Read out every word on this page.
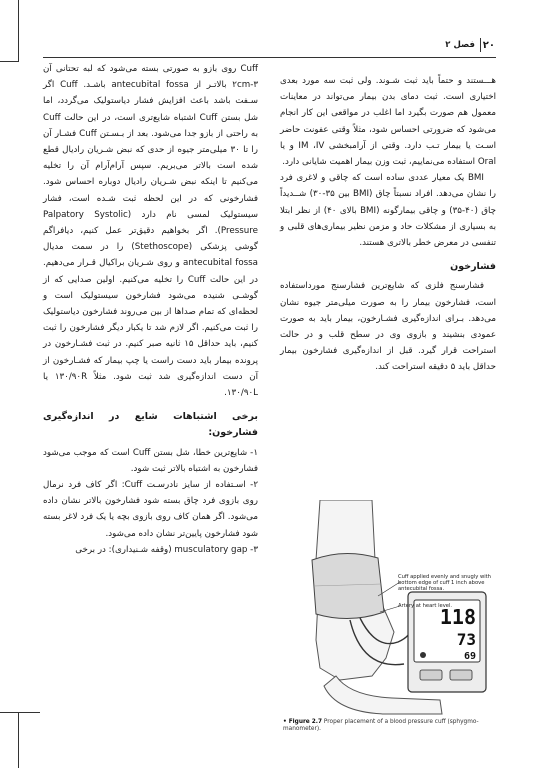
۲۰
فصل ۲

هـــستند و حتماً باید ثبت شـوند. ولی ثبت سه مورد بعدی اختیاری است. ثبت دمای بدن بیمار می‌تواند در معاینات معمول هم صورت بگیرد اما اغلب در مواقعی این کار انجام می‌شود که ضرورتی احساس شود، مثلاً وقتی عفونت حاضر اسـت یا بیمار تـب دارد. وقتی از آرامبخشی IM ،IV و یا Oral استفاده می‌نماییم، ثبت وزن بیمار اهمیت شایانی دارد.

BMI یک معیار عددی ساده است که چاقی و لاغری فرد را نشان می‌دهد. افراد نسبتاً چاق (BMI بین ۳۵-۳۰) شــدیداً چاق (۴۰-۳۵) و چاقی بیمارگونه (BMI بالای ۴۰) از نظر ابتلا به بسیاری از مشکلات حاد و مزمن نظیر بیماری‌های قلبی و تنفسی در معرض خطر بالاتری هستند.

فشارخون

فشارسنج فلزی که شایع‌ترین فشارسنج مورداستفاده است، فشارخون بیمار را به صورت میلی‌متر جیوه نشان می‌دهد. بـرای اندازه‌گیری فشـارخون، بیمار باید به صورت عمودی بنشیند و بازوی وی در سطح قلب و در حالت استراحت قرار گیرد. قبل از اندازه‌گیری فشارخون بیمار حداقل باید ۵ دقیقه استراحت کند.

Cuff روی بازو به صورتی بسته می‌شود که لبه تحتانی آن ۳-۲cm بالاتـر از antecubital fossa باشـد. Cuff اگر سـفت باشد باعث افزایش فشار دیاستولیک می‌گردد، اما شل بستن Cuff اشتباه شایع‌تری است، در این حالت Cuff به راحتی از بازو جدا می‌شود. بعد از بـسـتن Cuff فشـار آن را تا ۳۰ میلی‌متر جیوه از حدی که نبض شـریان رادیال قطع شده است بالاتر می‌بریم. سپس آرام‌آرام آن را تخلیه می‌کنیم تا اینکه نبض شـریان رادیال دوباره احساس شود. فشارخونی که در این لحظه ثبت شـده است، فشار سیستولیک لمسی نام دارد (Palpatory Systolic Pressure). اگر بخواهیم دقیق‌تر عمل کنیم، دیافراگم گوشی پزشکی (Stethoscope) را در سمت مدیال antecubital fossa و روی شـریان براکیال قـرار می‌دهیم. در این حالت Cuff را تخلیه می‌کنیم. اولین صدایی که از گوشـی شنیده می‌شود فشارخون سیستولیک است و لحظه‌ای که تمام صداها از بین می‌روند فشارخون دیاستولیک را ثبت می‌کنیم. اگر لازم شد تا یکبار دیگر فشارخون را ثبت کنیم، باید حداقل ۱۵ ثانیه صبر کنیم. در ثبت فشـارخون در پرونده بیمار باید دست راست یا چپ بیمار که فشـارخون از آن دست اندازه‌گیری شد ثبت شود. مثلاً ۱۳۰/۹۰R یا ۱۳۰/۹۰L.

برخی اشتباهات شایع در اندازه‌گیری فشارخون:

۱- شایع‌ترین خطا، شل بستن Cuff است که موجب می‌شود فشارخون به اشتباه بالاتر ثبت شود.

۲- اسـتفاده از سایز نادرسـت Cuff: اگر کاف فرد نرمال روی بازوی فرد چاق بسته شود فشارخون بالاتر نشان داده می‌شود. اگر همان کاف روی بازوی بچه یا یک فرد لاغر بسته شود فشارخون پایین‌تر نشان داده می‌شود.

۳- musculatory gap (وقفه شـنیداری): در برخی

118
73
69
Cuff applied evenly and snugly with bottom edge of cuff 1 inch above antecubital fossa.
Artery at heart level.
• Figure 2.7 Proper placement of a blood pressure cuff (sphygmo-manometer).
